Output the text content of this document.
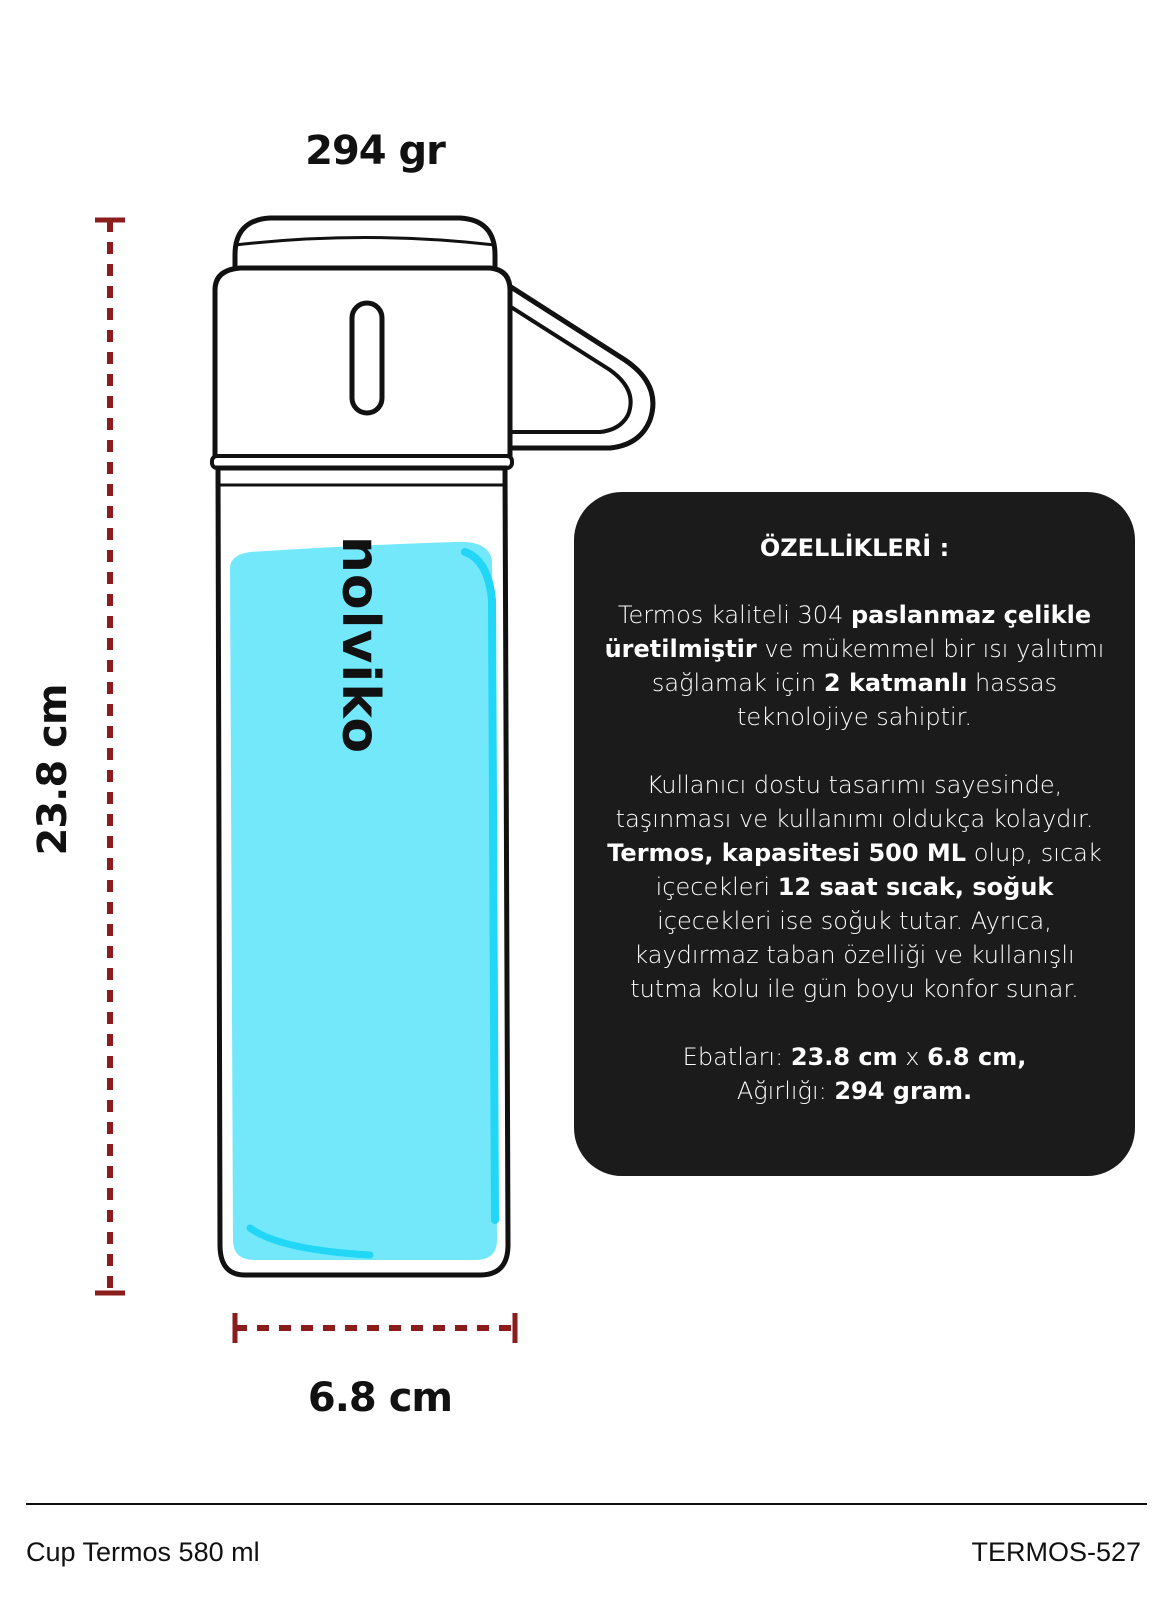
294 gr
23.8 cm
nolviko
6.8 cm
ÖZELLİKLERİ :

Termos kaliteli 304 paslanmaz çelikle üretilmiştir ve mükemmel bir ısı yalıtımı sağlamak için 2 katmanlı hassas teknolojiye sahiptir.

Kullanıcı dostu tasarımı sayesinde, taşınması ve kullanımı oldukça kolaydır. Termos, kapasitesi 500 ML olup, sıcak içecekleri 12 saat sıcak, soğuk içecekleri ise soğuk tutar. Ayrıca, kaydırmaz taban özelliği ve kullanışlı tutma kolu ile gün boyu konfor sunar.

Ebatları: 23.8 cm x 6.8 cm,
Ağırlığı: 294 gram.

Cup Termos 580 ml	TERMOS-527
